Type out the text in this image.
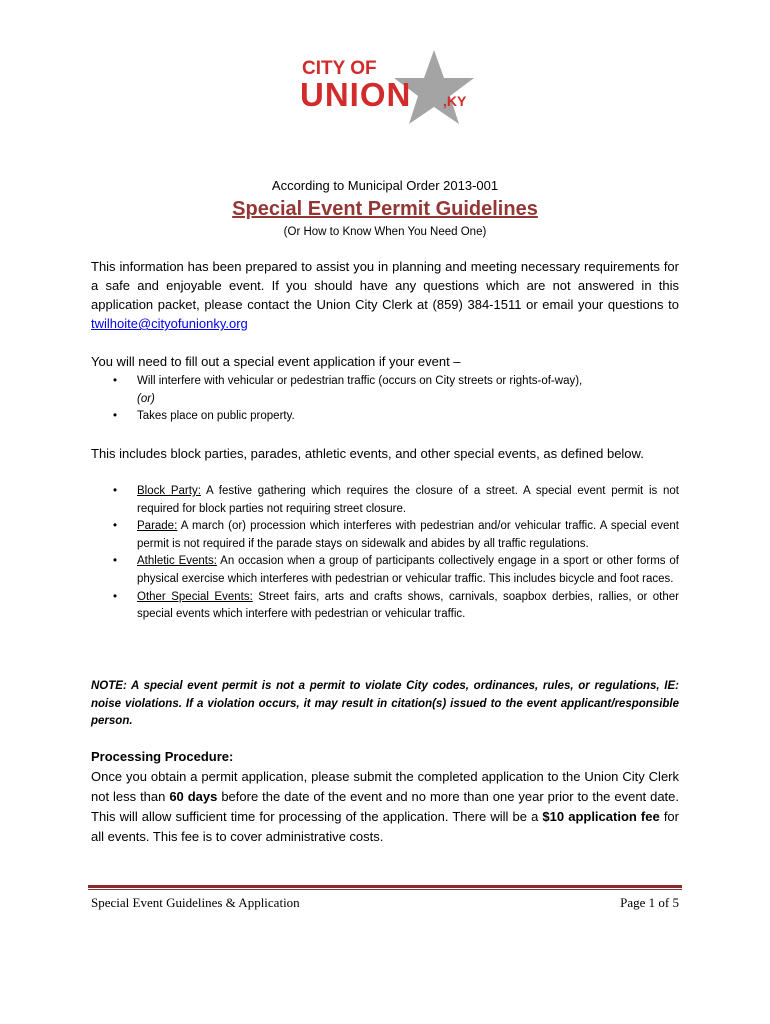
CITY OF
UNION ,KY
According to Municipal Order 2013-001
Special Event Permit Guidelines
(Or How to Know When You Need One)
This information has been prepared to assist you in planning and meeting necessary requirements for a safe and enjoyable event. If you should have any questions which are not answered in this application packet, please contact the Union City Clerk at (859) 384-1511 or email your questions to twilhoite@cityofunionky.org
You will need to fill out a special event application if your event –
• Will interfere with vehicular or pedestrian traffic (occurs on City streets or rights-of-way),
(or)
• Takes place on public property.
This includes block parties, parades, athletic events, and other special events, as defined below.
• Block Party: A festive gathering which requires the closure of a street. A special event permit is not required for block parties not requiring street closure.
• Parade: A march (or) procession which interferes with pedestrian and/or vehicular traffic. A special event permit is not required if the parade stays on sidewalk and abides by all traffic regulations.
• Athletic Events: An occasion when a group of participants collectively engage in a sport or other forms of physical exercise which interferes with pedestrian or vehicular traffic. This includes bicycle and foot races.
• Other Special Events: Street fairs, arts and crafts shows, carnivals, soapbox derbies, rallies, or other special events which interfere with pedestrian or vehicular traffic.
NOTE: A special event permit is not a permit to violate City codes, ordinances, rules, or regulations, IE: noise violations. If a violation occurs, it may result in citation(s) issued to the event applicant/responsible person.
Processing Procedure:
Once you obtain a permit application, please submit the completed application to the Union City Clerk not less than 60 days before the date of the event and no more than one year prior to the event date. This will allow sufficient time for processing of the application. There will be a $10 application fee for all events. This fee is to cover administrative costs.
Special Event Guidelines & Application	Page 1 of 5
